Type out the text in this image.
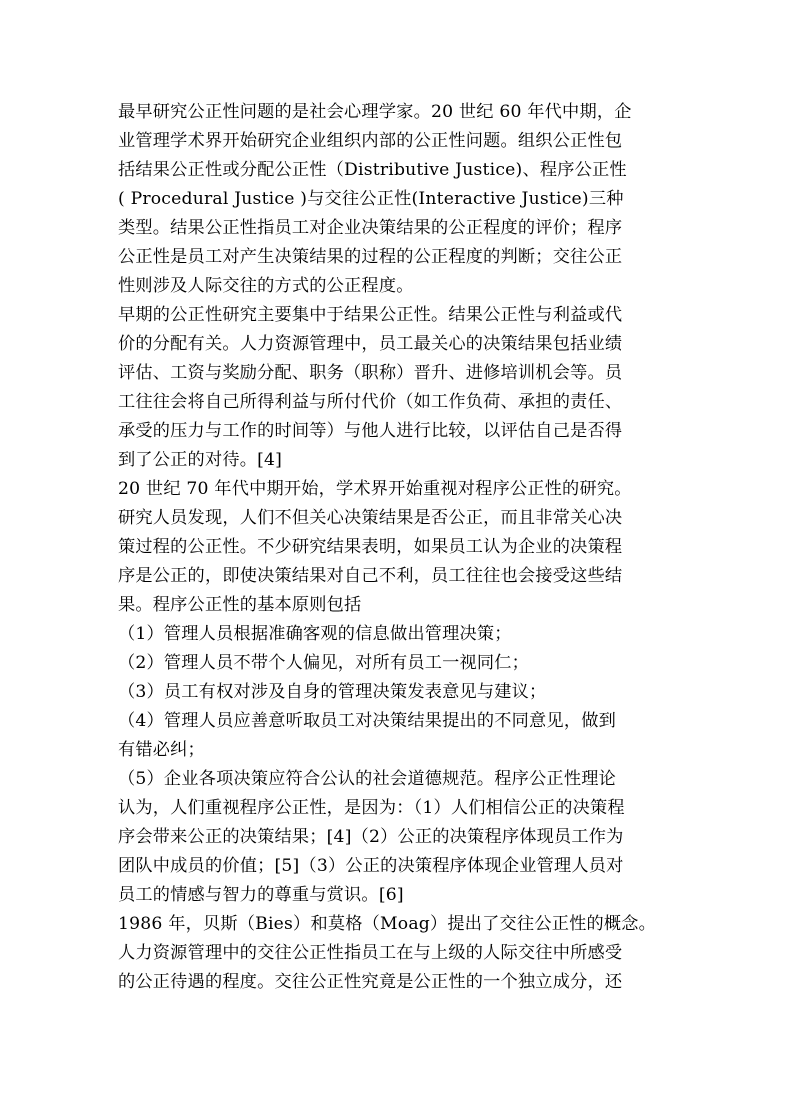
最早研究公正性问题的是社会心理学家。20 世纪 60 年代中期，企
业管理学术界开始研究企业组织内部的公正性问题。组织公正性包
括结果公正性或分配公正性（Distributive Justice)、程序公正性
( Procedural Justice )与交往公正性(Interactive Justice)三种
类型。结果公正性指员工对企业决策结果的公正程度的评价；程序
公正性是员工对产生决策结果的过程的公正程度的判断；交往公正
性则涉及人际交往的方式的公正程度。
早期的公正性研究主要集中于结果公正性。结果公正性与利益或代
价的分配有关。人力资源管理中，员工最关心的决策结果包括业绩
评估、工资与奖励分配、职务（职称）晋升、进修培训机会等。员
工往往会将自己所得利益与所付代价（如工作负荷、承担的责任、
承受的压力与工作的时间等）与他人进行比较，以评估自己是否得
到了公正的对待。[4]
20 世纪 70 年代中期开始，学术界开始重视对程序公正性的研究。
研究人员发现，人们不但关心决策结果是否公正，而且非常关心决
策过程的公正性。不少研究结果表明，如果员工认为企业的决策程
序是公正的，即使决策结果对自己不利，员工往往也会接受这些结
果。程序公正性的基本原则包括
（1）管理人员根据准确客观的信息做出管理决策；
（2）管理人员不带个人偏见，对所有员工一视同仁；
（3）员工有权对涉及自身的管理决策发表意见与建议；
（4）管理人员应善意听取员工对决策结果提出的不同意见，做到
有错必纠；
（5）企业各项决策应符合公认的社会道德规范。程序公正性理论
认为，人们重视程序公正性，是因为：（1）人们相信公正的决策程
序会带来公正的决策结果；[4]（2）公正的决策程序体现员工作为
团队中成员的价值；[5]（3）公正的决策程序体现企业管理人员对
员工的情感与智力的尊重与赏识。[6]
1986 年，贝斯（Bies）和莫格（Moag）提出了交往公正性的概念。
人力资源管理中的交往公正性指员工在与上级的人际交往中所感受
的公正待遇的程度。交往公正性究竟是公正性的一个独立成分，还
